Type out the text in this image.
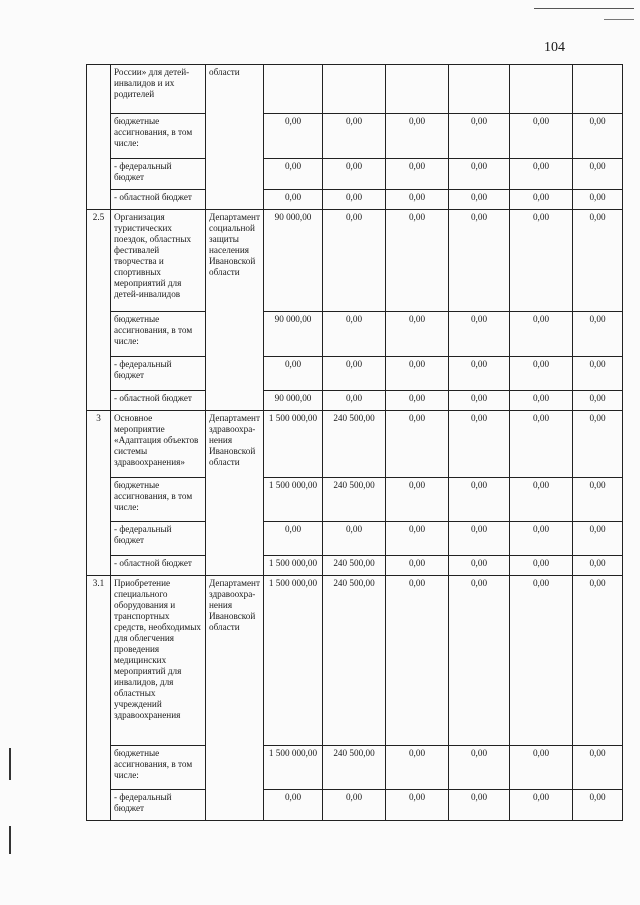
104
	России» для детей-инвалидов и их родителей	области						
	бюджетные ассигнования, в том числе:		0,00	0,00	0,00	0,00	0,00	0,00
	- федеральный бюджет		0,00	0,00	0,00	0,00	0,00	0,00
	- областной бюджет		0,00	0,00	0,00	0,00	0,00	0,00
2.5	Организация туристических поездок, областных фестивалей творчества и спортивных мероприятий для детей-инвалидов	Департамент социальной защиты населения Ивановской области	90 000,00	0,00	0,00	0,00	0,00	0,00
	бюджетные ассигнования, в том числе:		90 000,00	0,00	0,00	0,00	0,00	0,00
	- федеральный бюджет		0,00	0,00	0,00	0,00	0,00	0,00
	- областной бюджет		90 000,00	0,00	0,00	0,00	0,00	0,00
3	Основное мероприятие «Адаптация объектов системы здравоохранения»	Департамент здравоохра-нения Ивановской области	1 500 000,00	240 500,00	0,00	0,00	0,00	0,00
	бюджетные ассигнования, в том числе:		1 500 000,00	240 500,00	0,00	0,00	0,00	0,00
	- федеральный бюджет		0,00	0,00	0,00	0,00	0,00	0,00
	- областной бюджет		1 500 000,00	240 500,00	0,00	0,00	0,00	0,00
3.1	Приобретение специального оборудования и транспортных средств, необходимых для облегчения проведения медицинских мероприятий для инвалидов, для областных учреждений здравоохранения	Департамент здравоохра-нения Ивановской области	1 500 000,00	240 500,00	0,00	0,00	0,00	0,00
	бюджетные ассигнования, в том числе:		1 500 000,00	240 500,00	0,00	0,00	0,00	0,00
	- федеральный бюджет		0,00	0,00	0,00	0,00	0,00	0,00
